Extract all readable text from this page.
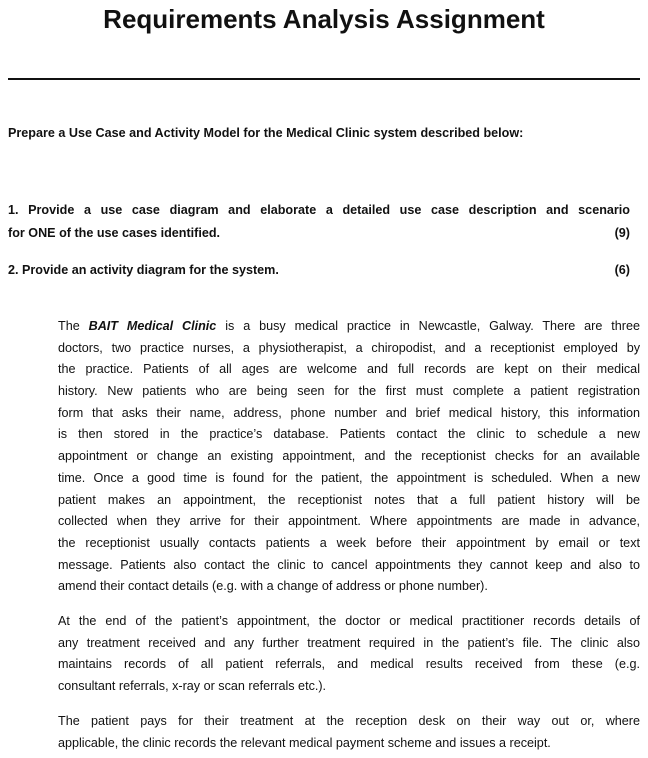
Requirements Analysis Assignment
Prepare a Use Case and Activity Model for the Medical Clinic system described below:
1. Provide a use case diagram and elaborate a detailed use case description and scenario
for ONE of the use cases identified.	(9)
2. Provide an activity diagram for the system.	(6)
The BAIT Medical Clinic is a busy medical practice in Newcastle, Galway. There are three
doctors, two practice nurses, a physiotherapist, a chiropodist, and a receptionist employed by
the practice. Patients of all ages are welcome and full records are kept on their medical
history. New patients who are being seen for the first must complete a patient registration
form that asks their name, address, phone number and brief medical history, this information
is then stored in the practice’s database. Patients contact the clinic to schedule a new
appointment or change an existing appointment, and the receptionist checks for an available
time. Once a good time is found for the patient, the appointment is scheduled. When a new
patient makes an appointment, the receptionist notes that a full patient history will be
collected when they arrive for their appointment. Where appointments are made in advance,
the receptionist usually contacts patients a week before their appointment by email or text
message. Patients also contact the clinic to cancel appointments they cannot keep and also to
amend their contact details (e.g. with a change of address or phone number).
At the end of the patient’s appointment, the doctor or medical practitioner records details of
any treatment received and any further treatment required in the patient’s file. The clinic also
maintains records of all patient referrals, and medical results received from these (e.g.
consultant referrals, x-ray or scan referrals etc.).
The patient pays for their treatment at the reception desk on their way out or, where
applicable, the clinic records the relevant medical payment scheme and issues a receipt.
